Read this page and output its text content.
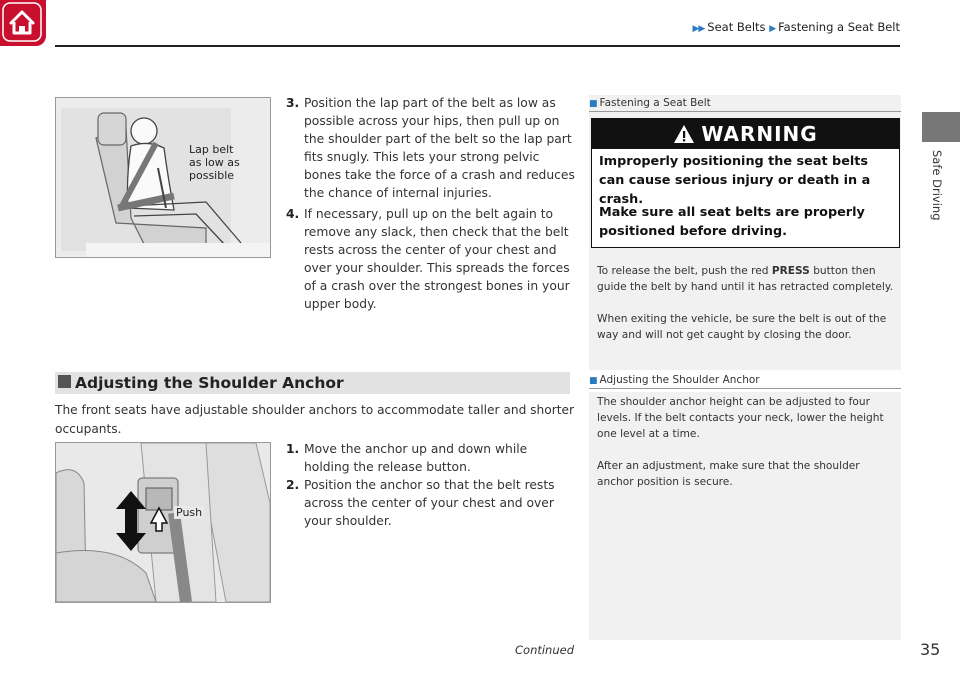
▶▶ Seat Belts ▶ Fastening a Seat Belt
Safe Driving
Lap belt
as low as
possible
3. Position the lap part of the belt as low as possible across your hips, then pull up on the shoulder part of the belt so the lap part fits snugly. This lets your strong pelvic bones take the force of a crash and reduces the chance of internal injuries.
4. If necessary, pull up on the belt again to remove any slack, then check that the belt rests across the center of your chest and over your shoulder. This spreads the forces of a crash over the strongest bones in your upper body.
■ Fastening a Seat Belt
WARNING
Improperly positioning the seat belts can cause serious injury or death in a crash.
Make sure all seat belts are properly positioned before driving.
To release the belt, push the red PRESS button then guide the belt by hand until it has retracted completely.
When exiting the vehicle, be sure the belt is out of the way and will not get caught by closing the door.
■ Adjusting the Shoulder Anchor
The shoulder anchor height can be adjusted to four levels. If the belt contacts your neck, lower the height one level at a time.
After an adjustment, make sure that the shoulder anchor position is secure.
Adjusting the Shoulder Anchor
The front seats have adjustable shoulder anchors to accommodate taller and shorter occupants.
Push
1. Move the anchor up and down while holding the release button.
2. Position the anchor so that the belt rests across the center of your chest and over your shoulder.
Continued	35
